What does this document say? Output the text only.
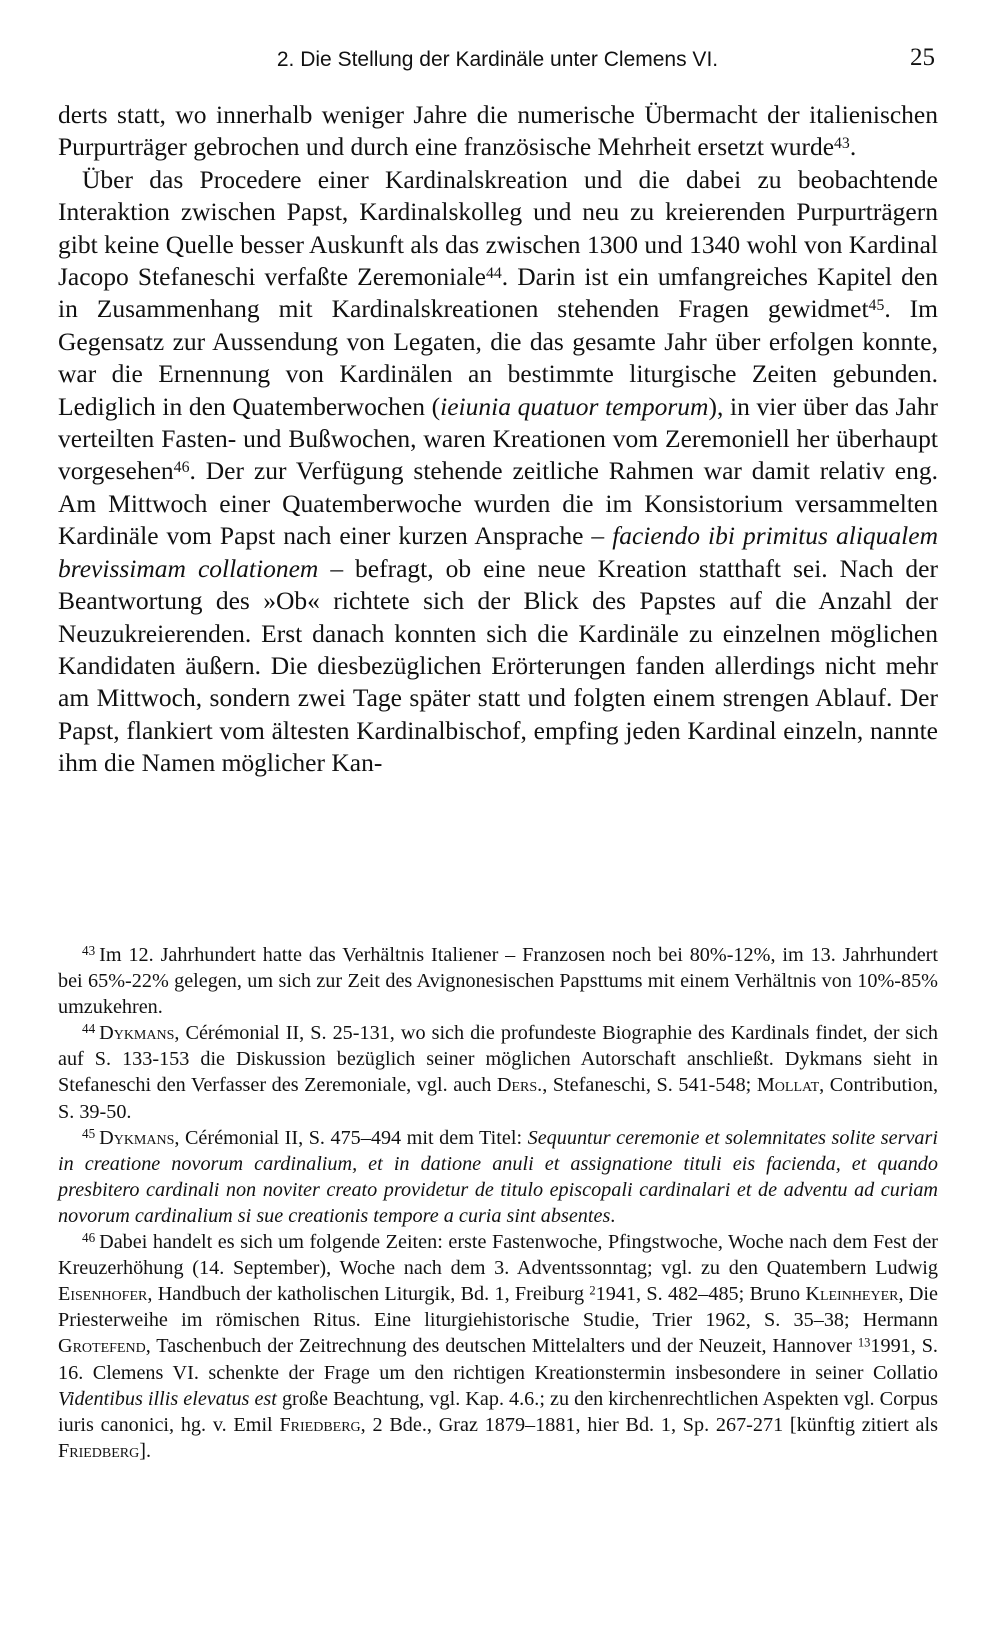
2. Die Stellung der Kardinäle unter Clemens VI.	25

derts statt, wo innerhalb weniger Jahre die numerische Übermacht der italienischen Purpurträger gebrochen und durch eine französische Mehrheit ersetzt wurde$^{43}$.

Über das Procedere einer Kardinalskreation und die dabei zu beobachtende Interaktion zwischen Papst, Kardinalskolleg und neu zu kreierenden Purpurträgern gibt keine Quelle besser Auskunft als das zwischen 1300 und 1340 wohl von Kardinal Jacopo Stefaneschi verfaßte Zeremoniale$^{44}$. Darin ist ein umfangreiches Kapitel den in Zusammenhang mit Kardinalskreationen stehenden Fragen gewidmet$^{45}$. Im Gegensatz zur Aussendung von Legaten, die das gesamte Jahr über erfolgen konnte, war die Ernennung von Kardinälen an bestimmte liturgische Zeiten gebunden. Lediglich in den Quatemberwochen (ieiunia quatuor temporum), in vier über das Jahr verteilten Fasten- und Bußwochen, waren Kreationen vom Zeremoniell her überhaupt vorgesehen$^{46}$. Der zur Verfügung stehende zeitliche Rahmen war damit relativ eng. Am Mittwoch einer Quatemberwoche wurden die im Konsistorium versammelten Kardinäle vom Papst nach einer kurzen Ansprache – faciendo ibi primitus aliqualem brevissimam collationem – befragt, ob eine neue Kreation statthaft sei. Nach der Beantwortung des »Ob« richtete sich der Blick des Papstes auf die Anzahl der Neuzukreierenden. Erst danach konnten sich die Kardinäle zu einzelnen möglichen Kandidaten äußern. Die diesbezüglichen Erörterungen fanden allerdings nicht mehr am Mittwoch, sondern zwei Tage später statt und folgten einem strengen Ablauf. Der Papst, flankiert vom ältesten Kardinalbischof, empfing jeden Kardinal einzeln, nannte ihm die Namen möglicher Kan-

$^{43}$ Im 12. Jahrhundert hatte das Verhältnis Italiener – Franzosen noch bei 80%-12%, im 13. Jahrhundert bei 65%-22% gelegen, um sich zur Zeit des Avignonesischen Papsttums mit einem Verhältnis von 10%-85% umzukehren.

$^{44}$ Dykmans, Cérémonial II, S. 25-131, wo sich die profundeste Biographie des Kardinals findet, der sich auf S. 133-153 die Diskussion bezüglich seiner möglichen Autorschaft anschließt. Dykmans sieht in Stefaneschi den Verfasser des Zeremoniale, vgl. auch Ders., Stefaneschi, S. 541-548; Mollat, Contribution, S. 39-50.

$^{45}$ Dykmans, Cérémonial II, S. 475–494 mit dem Titel: Sequuntur ceremonie et solemnitates solite servari in creatione novorum cardinalium, et in datione anuli et assignatione tituli eis facienda, et quando presbitero cardinali non noviter creato providetur de titulo episcopali cardinalari et de adventu ad curiam novorum cardinalium si sue creationis tempore a curia sint absentes.

$^{46}$ Dabei handelt es sich um folgende Zeiten: erste Fastenwoche, Pfingstwoche, Woche nach dem Fest der Kreuzerhöhung (14. September), Woche nach dem 3. Adventssonntag; vgl. zu den Quatembern Ludwig Eisenhofer, Handbuch der katholischen Liturgik, Bd. 1, Freiburg $^2$1941, S. 482–485; Bruno Kleinheyer, Die Priesterweihe im römischen Ritus. Eine liturgiehistorische Studie, Trier 1962, S. 35–38; Hermann Grotefend, Taschenbuch der Zeitrechnung des deutschen Mittelalters und der Neuzeit, Hannover $^{13}$1991, S. 16. Clemens VI. schenkte der Frage um den richtigen Kreationstermin insbesondere in seiner Collatio Videntibus illis elevatus est große Beachtung, vgl. Kap. 4.6.; zu den kirchenrechtlichen Aspekten vgl. Corpus iuris canonici, hg. v. Emil Friedberg, 2 Bde., Graz 1879–1881, hier Bd. 1, Sp. 267-271 [künftig zitiert als Friedberg].
